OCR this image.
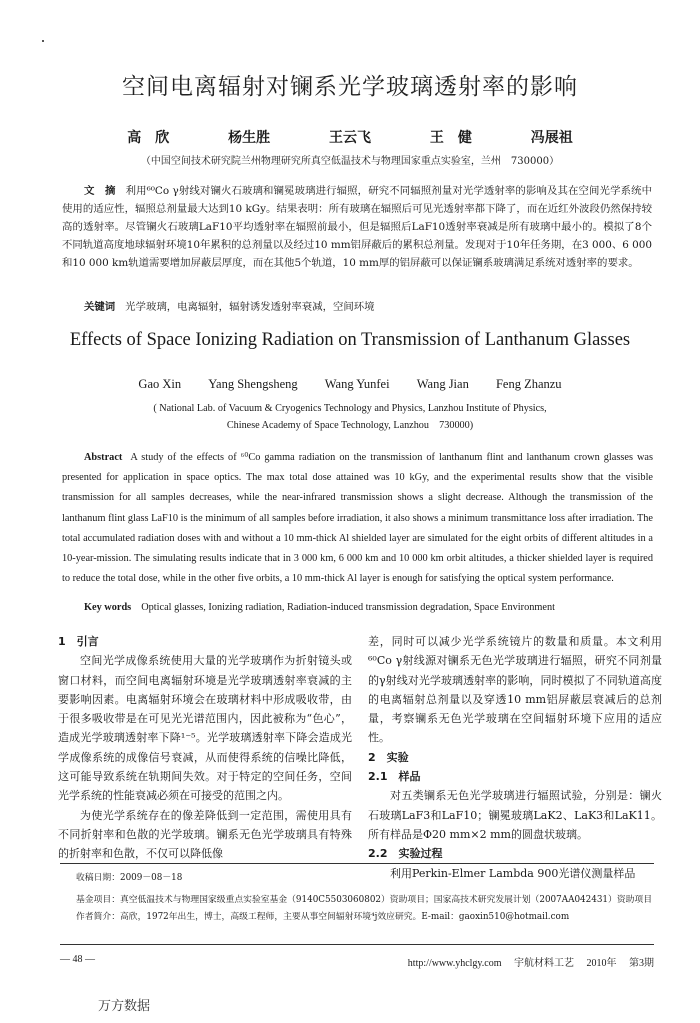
空间电离辐射对镧系光学玻璃透射率的影响
高　欣	杨生胜	王云飞	王　健	冯展祖
（中国空间技术研究院兰州物理研究所真空低温技术与物理国家重点实验室，兰州　730000）
文　摘 利用⁶⁰Co γ射线对镧火石玻璃和镧冕玻璃进行辐照，研究不同辐照剂量对光学透射率的影响及其在空间光学系统中使用的适应性，辐照总剂量最大达到10 kGy。结果表明：所有玻璃在辐照后可见光透射率都下降了，而在近红外波段仍然保持较高的透射率。尽管镧火石玻璃LaF10平均透射率在辐照前最小，但是辐照后LaF10透射率衰减是所有玻璃中最小的。模拟了8个不同轨道高度地球辐射环境10年累积的总剂量以及经过10 mm铝屏蔽后的累积总剂量。发现对于10年任务期，在3 000、6 000和10 000 km轨道需要增加屏蔽层厚度，而在其他5个轨道，10 mm厚的铝屏蔽可以保证镧系玻璃满足系统对透射率的要求。
关键词 光学玻璃，电离辐射，辐射诱发透射率衰减，空间环境
Effects of Space Ionizing Radiation on Transmission of Lanthanum Glasses
Gao Xin Yang Shengsheng Wang Yunfei Wang Jian Feng Zhanzu
( National Lab. of Vacuum & Cryogenics Technology and Physics, Lanzhou Institute of Physics,
Chinese Academy of Space Technology, Lanzhou　730000)
Abstract A study of the effects of ⁶⁰Co gamma radiation on the transmission of lanthanum flint and lanthanum crown glasses was presented for application in space optics. The max total dose attained was 10 kGy, and the experimental results show that the visible transmission for all samples decreases, while the near-infrared transmission shows a slight decrease. Although the transmission of the lanthanum flint glass LaF10 is the minimum of all samples before irradiation, it also shows a minimum transmittance loss after irradiation. The total accumulated radiation doses with and without a 10 mm-thick Al shielded layer are simulated for the eight orbits of different altitudes in a 10-year-mission. The simulating results indicate that in 3 000 km, 6 000 km and 10 000 km orbit altitudes, a thicker shielded layer is required to reduce the total dose, while in the other five orbits, a 10 mm-thick Al layer is enough for satisfying the optical system performance.
Key words Optical glasses, Ionizing radiation, Radiation-induced transmission degradation, Space Environment
1　引言

空间光学成像系统使用大量的光学玻璃作为折射镜头或窗口材料，而空间电离辐射环境是光学玻璃透射率衰减的主要影响因素。电离辐射环境会在玻璃材料中形成吸收带，由于很多吸收带是在可见光光谱范围内，因此被称为“色心”，造成光学玻璃透射率下降¹⁻⁵。光学玻璃透射率下降会造成光学成像系统的成像信号衰减，从而使得系统的信噪比降低，这可能导致系统在轨期间失效。对于特定的空间任务，空间光学系统的性能衰减必须在可接受的范围之内。

为使光学系统存在的像差降低到一定范围，需使用具有不同折射率和色散的光学玻璃。镧系无色光学玻璃具有特殊的折射率和色散，不仅可以降低像

差，同时可以减少光学系统镜片的数量和质量。本文利用⁶⁰Co γ射线源对镧系无色光学玻璃进行辐照，研究不同剂量的γ射线对光学玻璃透射率的影响，同时模拟了不同轨道高度的电离辐射总剂量以及穿透10 mm铝屏蔽层衰减后的总剂量，考察镧系无色光学玻璃在空间辐射环境下应用的适应性。

2　实验
2.1　样品

对五类镧系无色光学玻璃进行辐照试验，分别是：镧火石玻璃LaF3和LaF10；镧冕玻璃LaK2、LaK3和LaK11。所有样品是Φ20 mm×2 mm的圆盘状玻璃。

2.2　实验过程

利用Perkin-Elmer Lambda 900光谱仪测量样品

收稿日期：2009－08－18
基金项目：真空低温技术与物理国家级重点实验室基金（9140C5503060802）资助项目；国家高技术研究发展计划（2007AA042431）资助项目
作者简介：高欣，1972年出生，博士，高级工程师，主要从事空间辐射环境⁴j效应研究。E-mail：gaoxin510@hotmail.com
— 48 —	http://www.yhclgy.com 宇航材料工艺 2010年 第3期
万方数据
